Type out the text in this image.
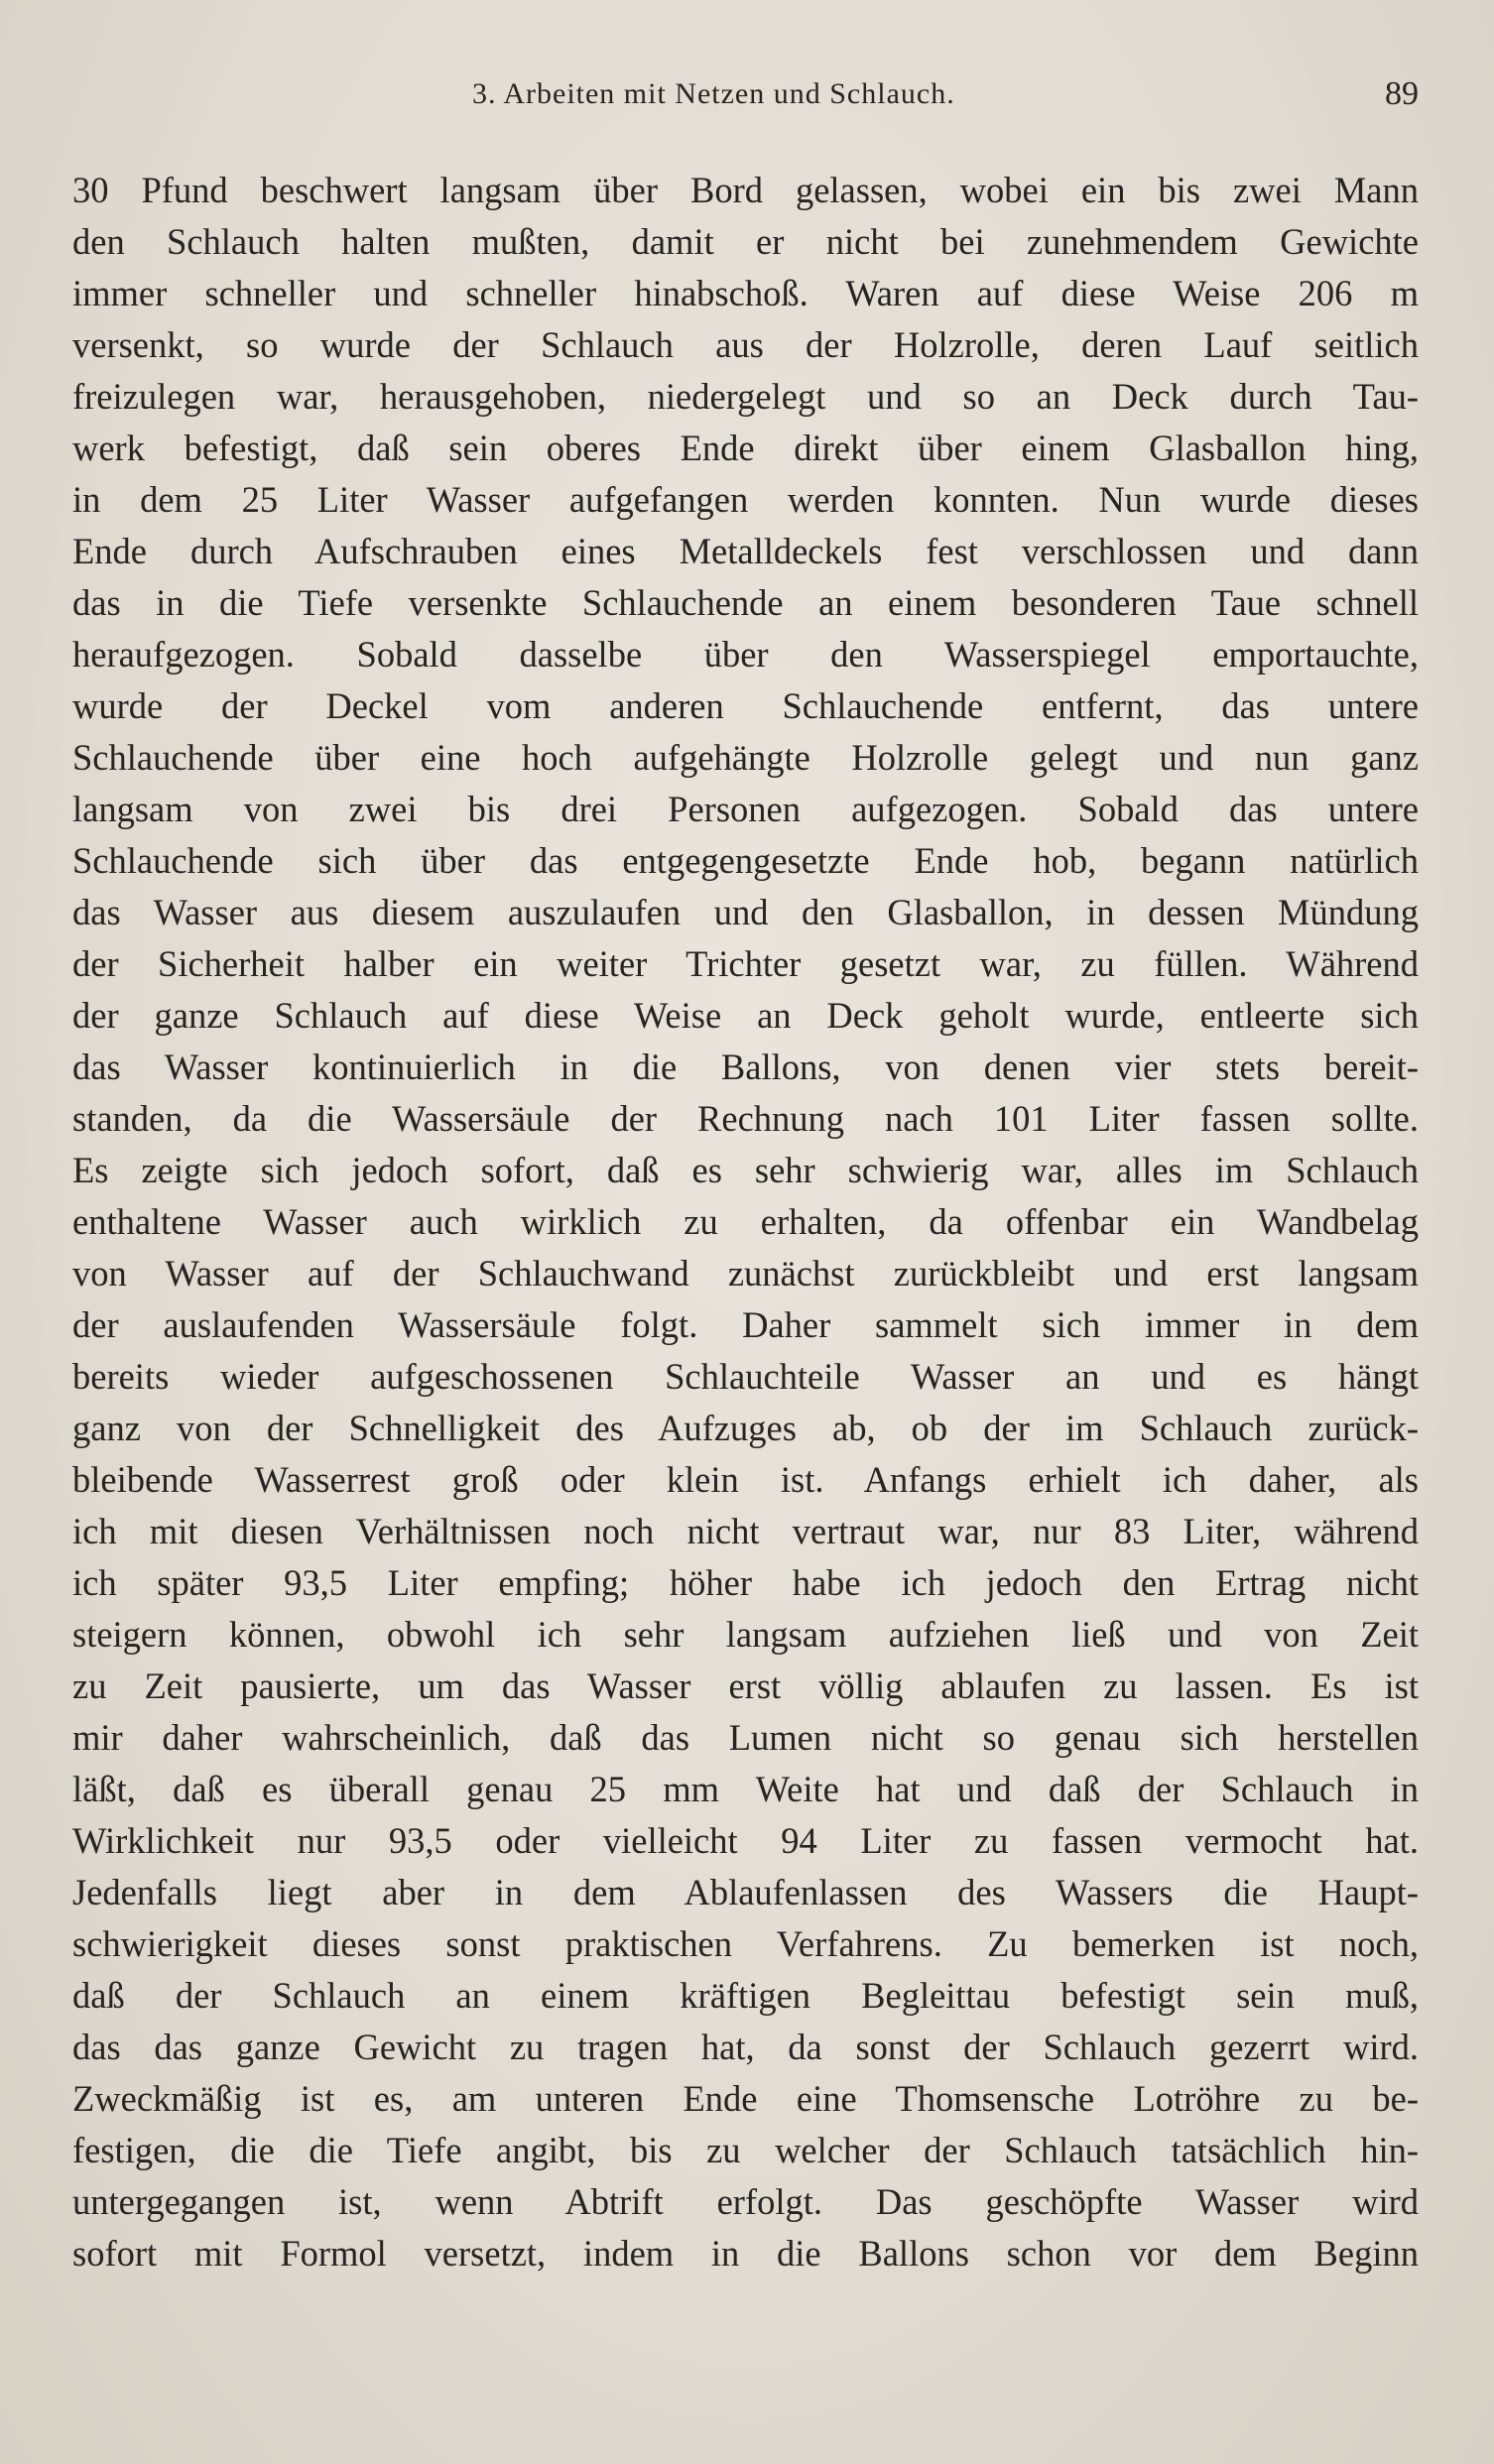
3. Arbeiten mit Netzen und Schlauch.	89
30 Pfund beschwert langsam über Bord gelassen, wobei ein bis zwei Mann
den Schlauch halten mußten, damit er nicht bei zunehmendem Gewichte
immer schneller und schneller hinabschoß. Waren auf diese Weise 206 m
versenkt, so wurde der Schlauch aus der Holzrolle, deren Lauf seitlich
freizulegen war, herausgehoben, niedergelegt und so an Deck durch Tau-
werk befestigt, daß sein oberes Ende direkt über einem Glasballon hing,
in dem 25 Liter Wasser aufgefangen werden konnten. Nun wurde dieses
Ende durch Aufschrauben eines Metalldeckels fest verschlossen und dann
das in die Tiefe versenkte Schlauchende an einem besonderen Taue schnell
heraufgezogen. Sobald dasselbe über den Wasserspiegel emportauchte,
wurde der Deckel vom anderen Schlauchende entfernt, das untere
Schlauchende über eine hoch aufgehängte Holzrolle gelegt und nun ganz
langsam von zwei bis drei Personen aufgezogen. Sobald das untere
Schlauchende sich über das entgegengesetzte Ende hob, begann natürlich
das Wasser aus diesem auszulaufen und den Glasballon, in dessen Mündung
der Sicherheit halber ein weiter Trichter gesetzt war, zu füllen. Während
der ganze Schlauch auf diese Weise an Deck geholt wurde, entleerte sich
das Wasser kontinuierlich in die Ballons, von denen vier stets bereit-
standen, da die Wassersäule der Rechnung nach 101 Liter fassen sollte.
Es zeigte sich jedoch sofort, daß es sehr schwierig war, alles im Schlauch
enthaltene Wasser auch wirklich zu erhalten, da offenbar ein Wandbelag
von Wasser auf der Schlauchwand zunächst zurückbleibt und erst langsam
der auslaufenden Wassersäule folgt. Daher sammelt sich immer in dem
bereits wieder aufgeschossenen Schlauchteile Wasser an und es hängt
ganz von der Schnelligkeit des Aufzuges ab, ob der im Schlauch zurück-
bleibende Wasserrest groß oder klein ist. Anfangs erhielt ich daher, als
ich mit diesen Verhältnissen noch nicht vertraut war, nur 83 Liter, während
ich später 93,5 Liter empfing; höher habe ich jedoch den Ertrag nicht
steigern können, obwohl ich sehr langsam aufziehen ließ und von Zeit
zu Zeit pausierte, um das Wasser erst völlig ablaufen zu lassen. Es ist
mir daher wahrscheinlich, daß das Lumen nicht so genau sich herstellen
läßt, daß es überall genau 25 mm Weite hat und daß der Schlauch in
Wirklichkeit nur 93,5 oder vielleicht 94 Liter zu fassen vermocht hat.
Jedenfalls liegt aber in dem Ablaufenlassen des Wassers die Haupt-
schwierigkeit dieses sonst praktischen Verfahrens. Zu bemerken ist noch,
daß der Schlauch an einem kräftigen Begleittau befestigt sein muß,
das das ganze Gewicht zu tragen hat, da sonst der Schlauch gezerrt wird.
Zweckmäßig ist es, am unteren Ende eine Thomsensche Lotröhre zu be-
festigen, die die Tiefe angibt, bis zu welcher der Schlauch tatsächlich hin-
untergegangen ist, wenn Abtrift erfolgt. Das geschöpfte Wasser wird
sofort mit Formol versetzt, indem in die Ballons schon vor dem Beginn
